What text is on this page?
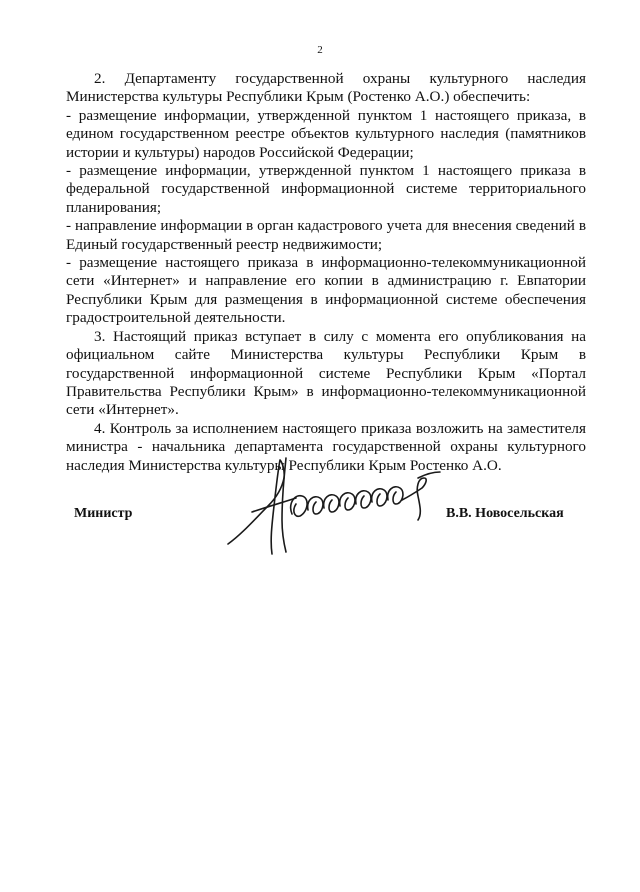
2

2. Департаменту государственной охраны культурного наследия Министерства культуры Республики Крым (Ростенко А.О.) обеспечить:

- размещение информации, утвержденной пунктом 1 настоящего приказа, в едином государственном реестре объектов культурного наследия (памятников истории и культуры) народов Российской Федерации;

- размещение информации, утвержденной пунктом 1 настоящего приказа в федеральной государственной информационной системе территориального планирования;

- направление информации в орган кадастрового учета для внесения сведений в Единый государственный реестр недвижимости;

- размещение настоящего приказа в информационно-телекоммуникационной сети «Интернет» и направление его копии в администрацию г. Евпатории Республики Крым для размещения в информационной системе обеспечения градостроительной деятельности.

3. Настоящий приказ вступает в силу с момента его опубликования на официальном сайте Министерства культуры Республики Крым в государственной информационной системе Республики Крым «Портал Правительства Республики Крым» в информационно-телекоммуникационной сети «Интернет».

4. Контроль за исполнением настоящего приказа возложить на заместителя министра - начальника департамента государственной охраны культурного наследия Министерства культуры Республики Крым Ростенко А.О.

Министр	В.В. Новосельская
